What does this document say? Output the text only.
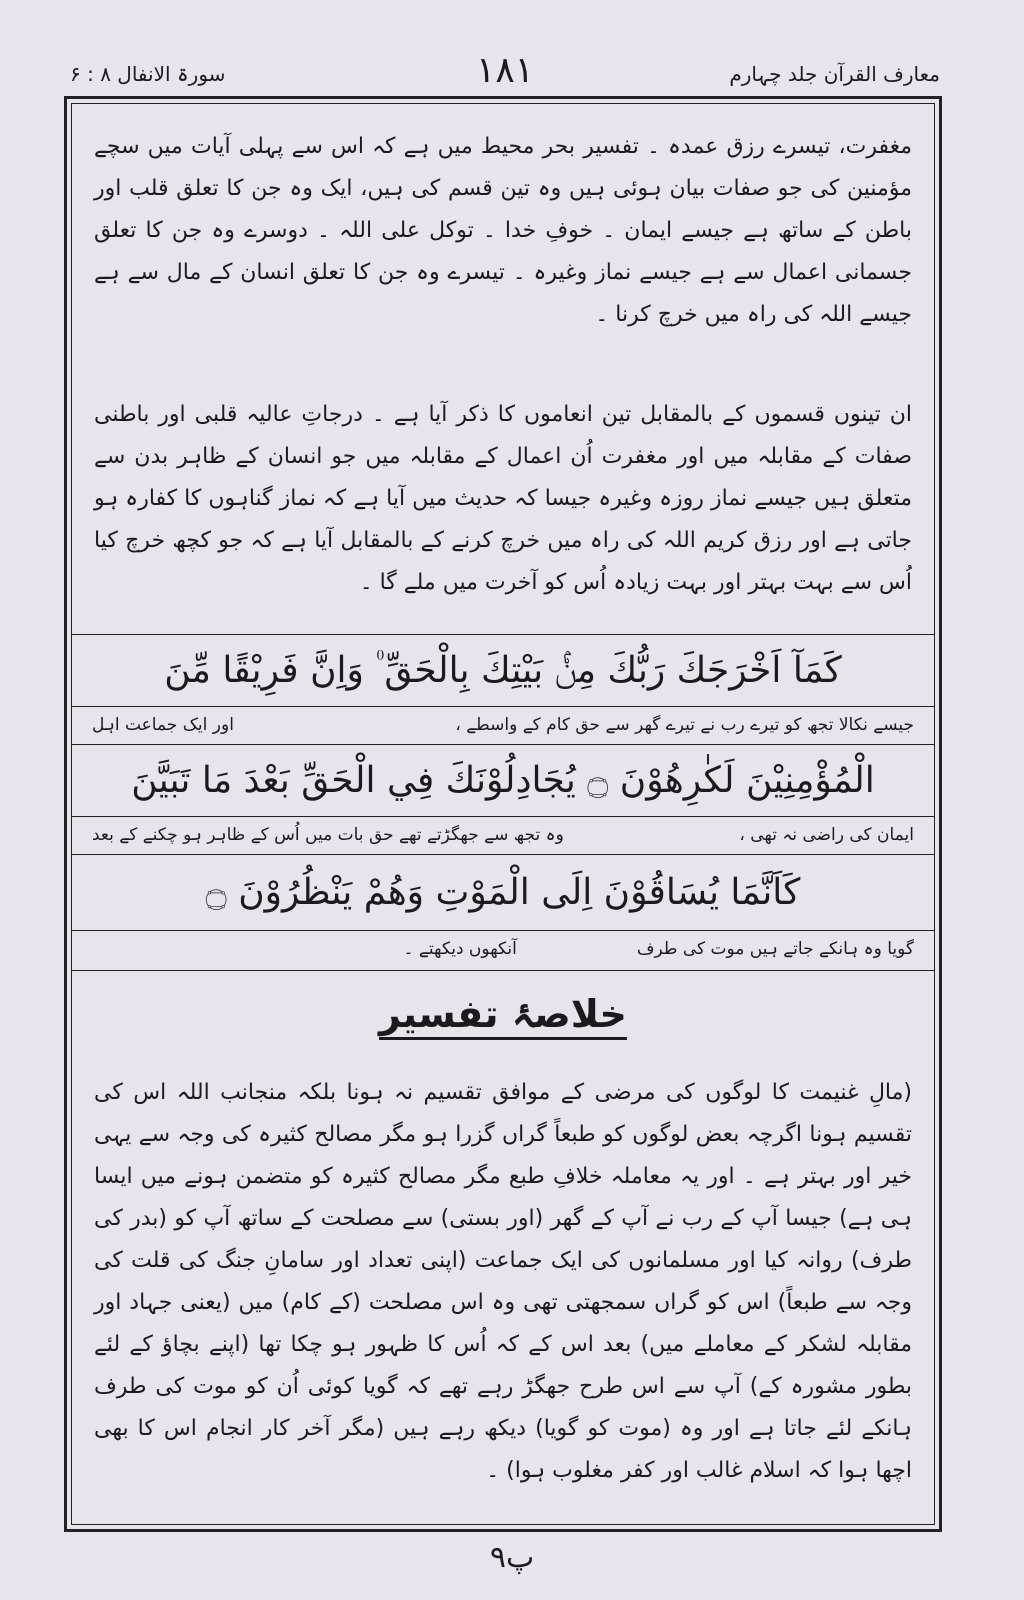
معارف القرآن جلد چہارم
۱۸۱
سورۃ الانفال ۸ : ۶
مغفرت، تیسرے رزق عمدہ ۔ تفسیر بحر محیط میں ہے کہ اس سے پہلی آیات میں سچے مؤمنین کی جو صفات بیان ہوئی ہیں وہ تین قسم کی ہیں، ایک وہ جن کا تعلق قلب اور باطن کے ساتھ ہے جیسے ایمان ۔ خوفِ خدا ۔ توکل علی اللہ ۔ دوسرے وہ جن کا تعلق جسمانی اعمال سے ہے جیسے نماز وغیرہ ۔ تیسرے وہ جن کا تعلق انسان کے مال سے ہے جیسے اللہ کی راہ میں خرچ کرنا ۔
ان تینوں قسموں کے بالمقابل تین انعاموں کا ذکر آیا ہے ۔ درجاتِ عالیہ قلبی اور باطنی صفات کے مقابلہ میں اور مغفرت اُن اعمال کے مقابلہ میں جو انسان کے ظاہر بدن سے متعلق ہیں جیسے نماز روزہ وغیرہ جیسا کہ حدیث میں آیا ہے کہ نماز گناہوں کا کفارہ ہو جاتی ہے اور رزق کریم اللہ کی راہ میں خرچ کرنے کے بالمقابل آیا ہے کہ جو کچھ خرچ کیا اُس سے بہت بہتر اور بہت زیادہ اُس کو آخرت میں ملے گا ۔
كَمَآ اَخْرَجَكَ رَبُّكَ مِنْۢ بَيْتِكَ بِالْحَقِّ ۠ وَاِنَّ فَرِيْقًا مِّنَ
جیسے نکالا تجھ کو تیرے رب نے تیرے گھر سے حق کام کے واسطے ،
اور ایک جماعت اہل
الْمُؤْمِنِيْنَ لَكٰرِهُوْنَ ۝ يُجَادِلُوْنَكَ فِي الْحَقِّ بَعْدَ مَا تَبَيَّنَ
ایمان کی راضی نہ تھی ،
وہ تجھ سے جھگڑتے تھے حق بات میں اُس کے ظاہر ہو چکنے کے بعد
كَاَنَّمَا يُسَاقُوْنَ اِلَى الْمَوْتِ وَهُمْ يَنْظُرُوْنَ ۝
گویا وہ ہانکے جاتے ہیں موت کی طرف
آنکھوں دیکھتے ۔
خلاصۂ تفسیر
(مالِ غنیمت کا لوگوں کی مرضی کے موافق تقسیم نہ ہونا بلکہ منجانب اللہ اس کی تقسیم ہونا اگرچہ بعض لوگوں کو طبعاً گراں گزرا ہو مگر مصالح کثیرہ کی وجہ سے یہی خیر اور بہتر ہے ۔ اور یہ معاملہ خلافِ طبع مگر مصالح کثیرہ کو متضمن ہونے میں ایسا ہی ہے) جیسا آپ کے رب نے آپ کے گھر (اور بستی) سے مصلحت کے ساتھ آپ کو (بدر کی طرف) روانہ کیا اور مسلمانوں کی ایک جماعت (اپنی تعداد اور سامانِ جنگ کی قلت کی وجہ سے طبعاً) اس کو گراں سمجھتی تھی وہ اس مصلحت (کے کام) میں (یعنی جہاد اور مقابلہ لشکر کے معاملے میں) بعد اس کے کہ اُس کا ظہور ہو چکا تھا (اپنے بچاؤ کے لئے بطور مشورہ کے) آپ سے اس طرح جھگڑ رہے تھے کہ گویا کوئی اُن کو موت کی طرف ہانکے لئے جاتا ہے اور وہ (موت کو گویا) دیکھ رہے ہیں (مگر آخر کار انجام اس کا بھی اچھا ہوا کہ اسلام غالب اور کفر مغلوب ہوا) ۔
۹پ
